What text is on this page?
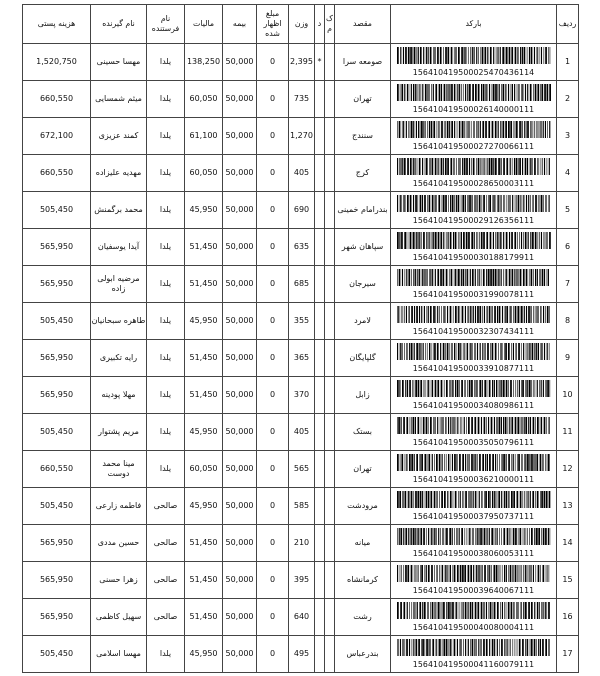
ردیف	بارکد	مقصد	ک م	د	وزن	مبلغ اظهار شده	بیمه	مالیات	نام فرستنده	نام گیرنده	هزینه پستی
1	156410419500025470436114	صومعه سرا		*	2,395	0	50,000	138,250	یلدا	مهسا حسینی	1,520,750
2	156410419500026140000111	تهران			735	0	50,000	60,050	یلدا	میثم شمسایی	660,550
3	156410419500027270066111	سنندج			1,270	0	50,000	61,100	یلدا	کمند عزیزی	672,100
4	156410419500028650003111	کرج			405	0	50,000	60,050	یلدا	مهدیه علیزاده	660,550
5	156410419500029126356111	بندرامام خمینی			690	0	50,000	45,950	یلدا	محمد برگمنش	505,450
6	156410419500030188179911	سپاهان شهر			635	0	50,000	51,450	یلدا	آیدا یوسفیان	565,950
7	156410419500031990078111	سیرجان			685	0	50,000	51,450	یلدا	مرضیه ابولی زاده	565,950
8	156410419500032307434111	لامرد			355	0	50,000	45,950	یلدا	طاهره سبحانیان	505,450
9	156410419500033910877111	گلپایگان			365	0	50,000	51,450	یلدا	رایه تکبیری	565,950
10	156410419500034080986111	زابل			370	0	50,000	51,450	یلدا	مهلا پودینه	565,950
11	156410419500035050796111	بستک			405	0	50,000	45,950	یلدا	مریم پشتوار	505,450
12	156410419500036210000111	تهران			565	0	50,000	60,050	یلدا	مینا محمد دوست	660,550
13	156410419500037950737111	مرودشت			585	0	50,000	45,950	صالحی	فاطمه زارعی	505,450
14	156410419500038060053111	میانه			210	0	50,000	51,450	صالحی	حسین مددی	565,950
15	156410419500039640067111	کرمانشاه			395	0	50,000	51,450	صالحی	زهرا حسنی	565,950
16	156410419500040080004111	رشت			640	0	50,000	51,450	صالحی	سهیل کاظمی	565,950
17	156410419500041160079111	بندرعباس			495	0	50,000	45,950	یلدا	مهسا اسلامی	505,450
